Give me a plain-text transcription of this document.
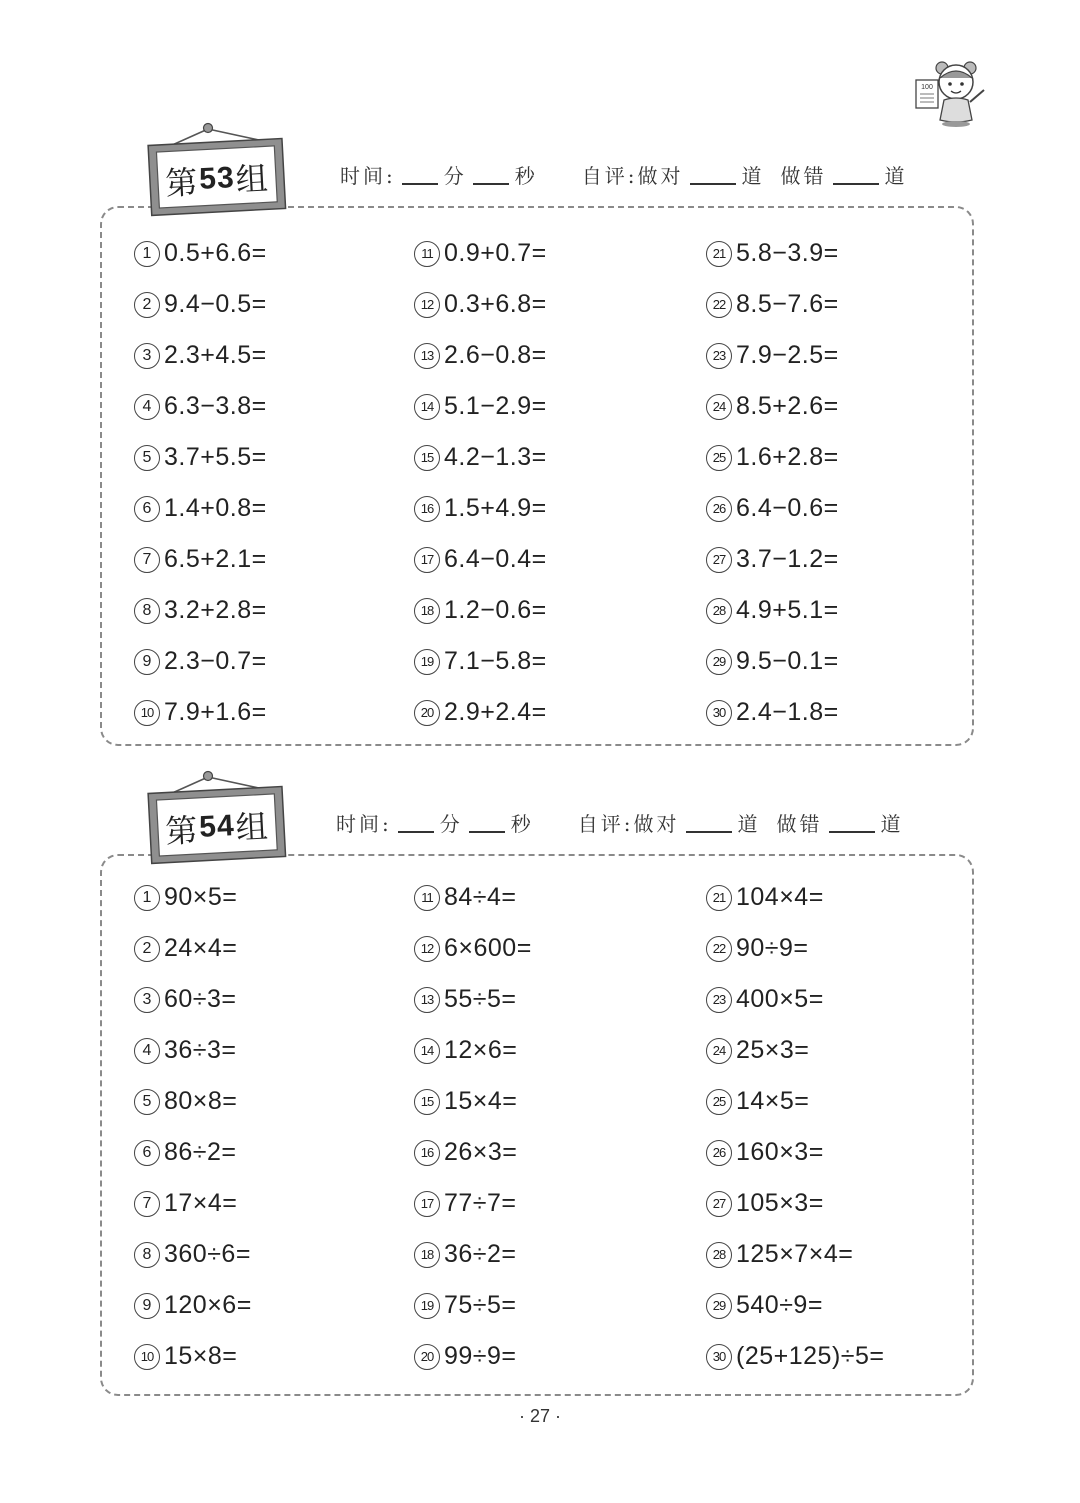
100
第 53 组	时间: 分 秒 自评:做对	道 做错	道
1 0.5+6.6=
2 9.4−0.5=
3 2.3+4.5=
4 6.3−3.8=
5 3.7+5.5=
6 1.4+0.8=
7 6.5+2.1=
8 3.2+2.8=
9 2.3−0.7=
10 7.9+1.6=
11 0.9+0.7=
12 0.3+6.8=
13 2.6−0.8=
14 5.1−2.9=
15 4.2−1.3=
16 1.5+4.9=
17 6.4−0.4=
18 1.2−0.6=
19 7.1−5.8=
20 2.9+2.4=
21 5.8−3.9=
22 8.5−7.6=
23 7.9−2.5=
24 8.5+2.6=
25 1.6+2.8=
26 6.4−0.6=
27 3.7−1.2=
28 4.9+5.1=
29 9.5−0.1=
30 2.4−1.8=
第 54 组	时间: 分 秒 自评:做对	道 做错	道
1 90×5=
2 24×4=
3 60÷3=
4 36÷3=
5 80×8=
6 86÷2=
7 17×4=
8 360÷6=
9 120×6=
10 15×8=
11 84÷4=
12 6×600=
13 55÷5=
14 12×6=
15 15×4=
16 26×3=
17 77÷7=
18 36÷2=
19 75÷5=
20 99÷9=
21 104×4=
22 90÷9=
23 400×5=
24 25×3=
25 14×5=
26 160×3=
27 105×3=
28 125×7×4=
29 540÷9=
30 (25+125)÷5=
· 27 ·
